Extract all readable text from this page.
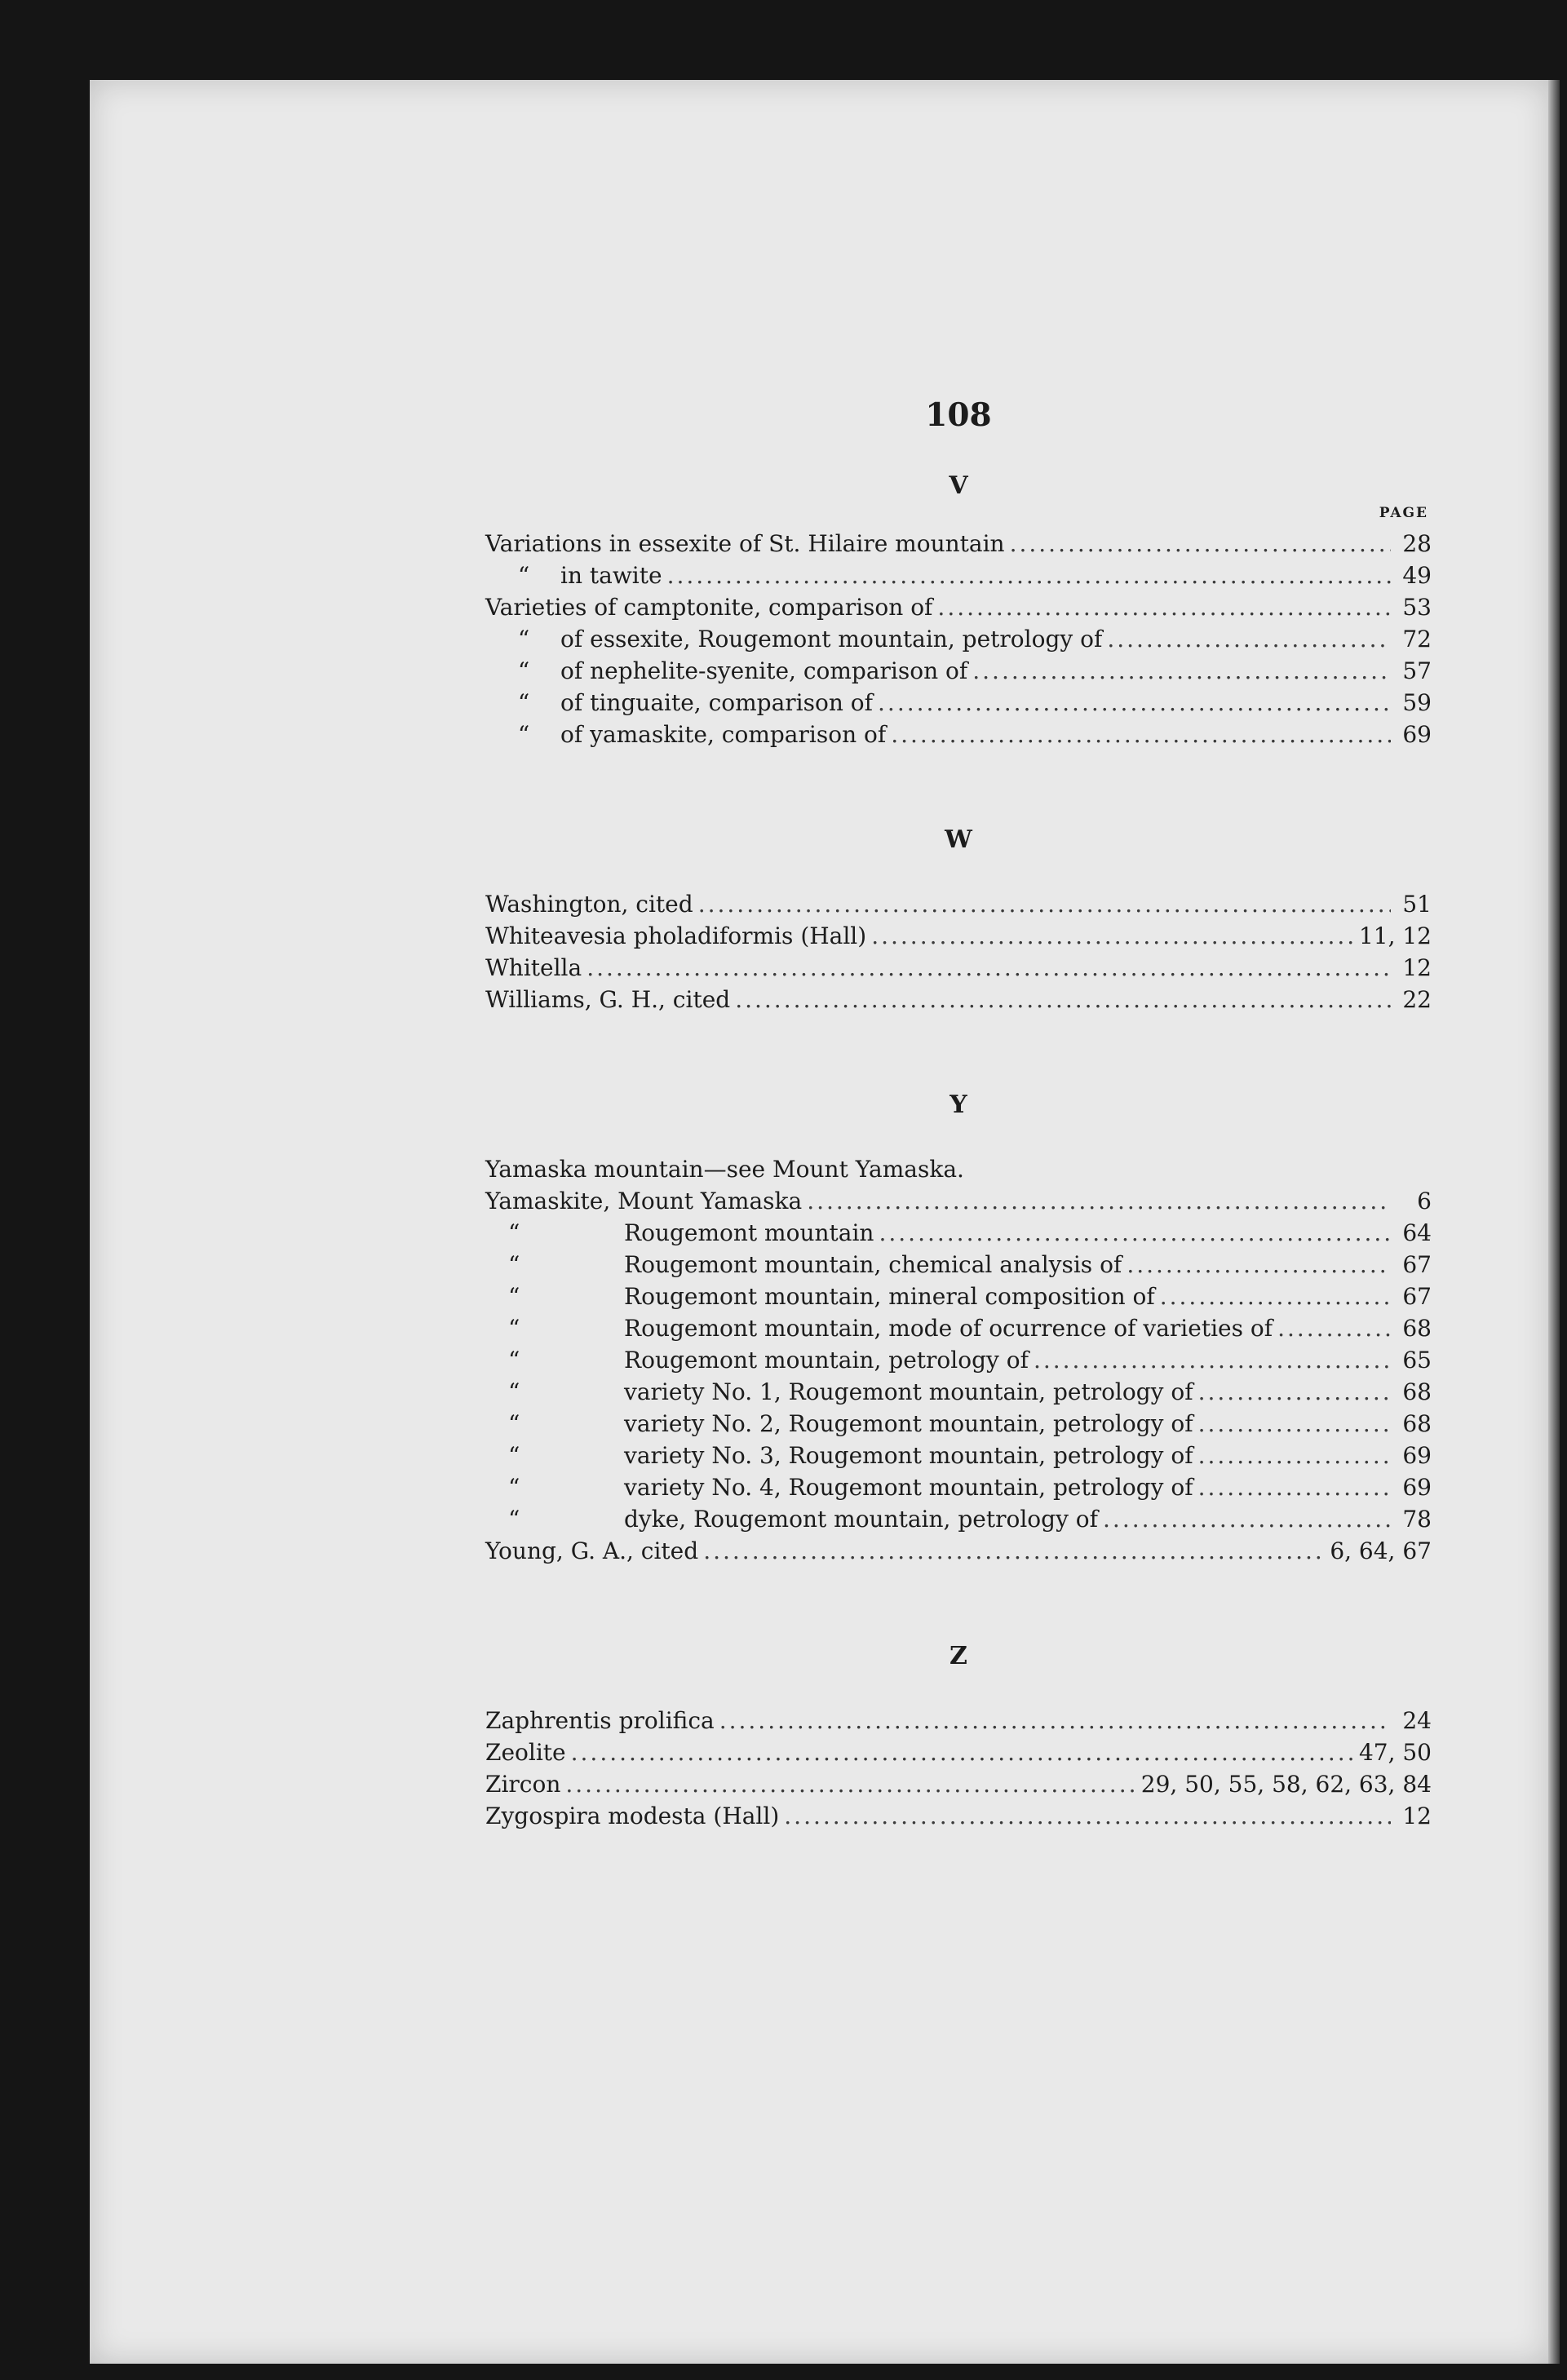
108
V
PAGE
Variations in essexite of St. Hilaire mountain .....	28
“	in tawite .....	49
Varieties of camptonite, comparison of .....	53
“	of essexite, Rougemont mountain, petrology of .....	72
“	of nephelite-syenite, comparison of .....	57
“	of tinguaite, comparison of .....	59
“	of yamaskite, comparison of .....	69
W
Washington, cited .....	51
Whiteavesia pholadiformis (Hall) .....	11, 12
Whitella .....	12
Williams, G. H., cited .....	22
Y
Yamaska mountain—see Mount Yamaska.
Yamaskite, Mount Yamaska .....	6
“	Rougemont mountain .....	64
“	Rougemont mountain, chemical analysis of .....	67
“	Rougemont mountain, mineral composition of .....	67
“	Rougemont mountain, mode of ocurrence of varieties of .....	68
“	Rougemont mountain, petrology of .....	65
“	variety No. 1, Rougemont mountain, petrology of .....	68
“	variety No. 2, Rougemont mountain, petrology of .....	68
“	variety No. 3, Rougemont mountain, petrology of .....	69
“	variety No. 4, Rougemont mountain, petrology of .....	69
“	dyke, Rougemont mountain, petrology of .....	78
Young, G. A., cited .....	6, 64, 67
Z
Zaphrentis prolifica .....	24
Zeolite .....	47, 50
Zircon .....	29, 50, 55, 58, 62, 63, 84
Zygospira modesta (Hall) .....	12
